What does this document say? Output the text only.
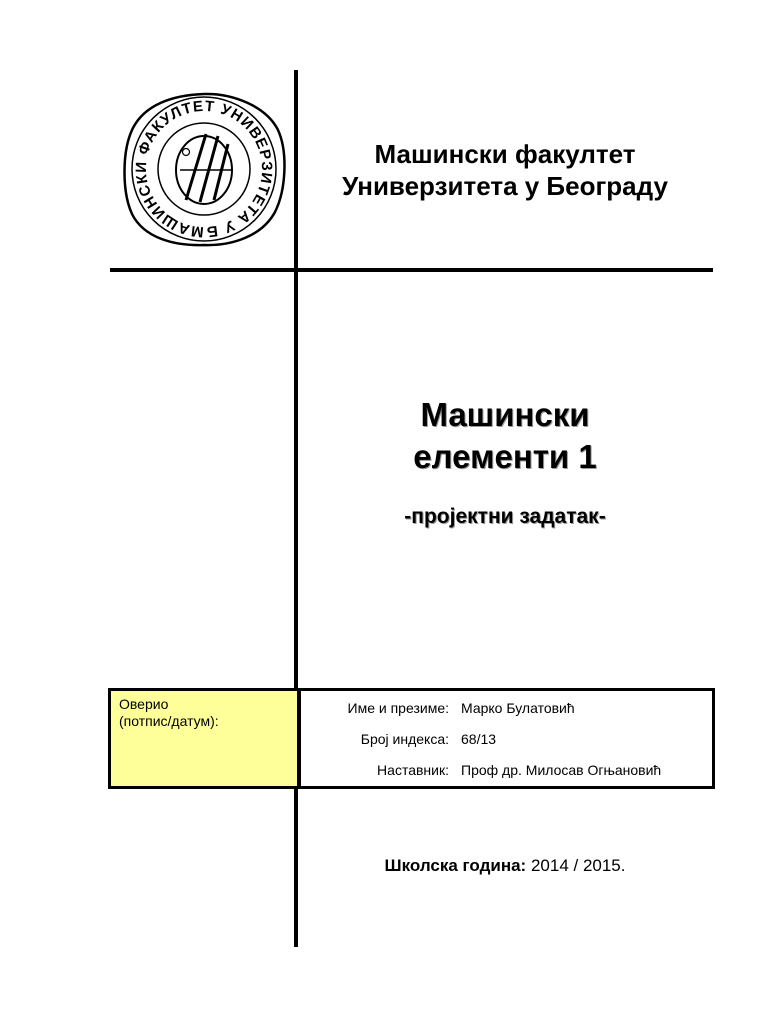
МАШИНСКИ ФАКУЛТЕТ УНИВЕРЗИТЕТА У Б
Машински факултет
Универзитета у Београду
Машински
елементи 1
-пројектни задатак-
Оверио
(потпис/датум):
Име и презиме: Марко Булатовић
Број индекса: 68/13
Наставник: Проф др. Милосав Огњановић
Школска година: 2014 / 2015.
